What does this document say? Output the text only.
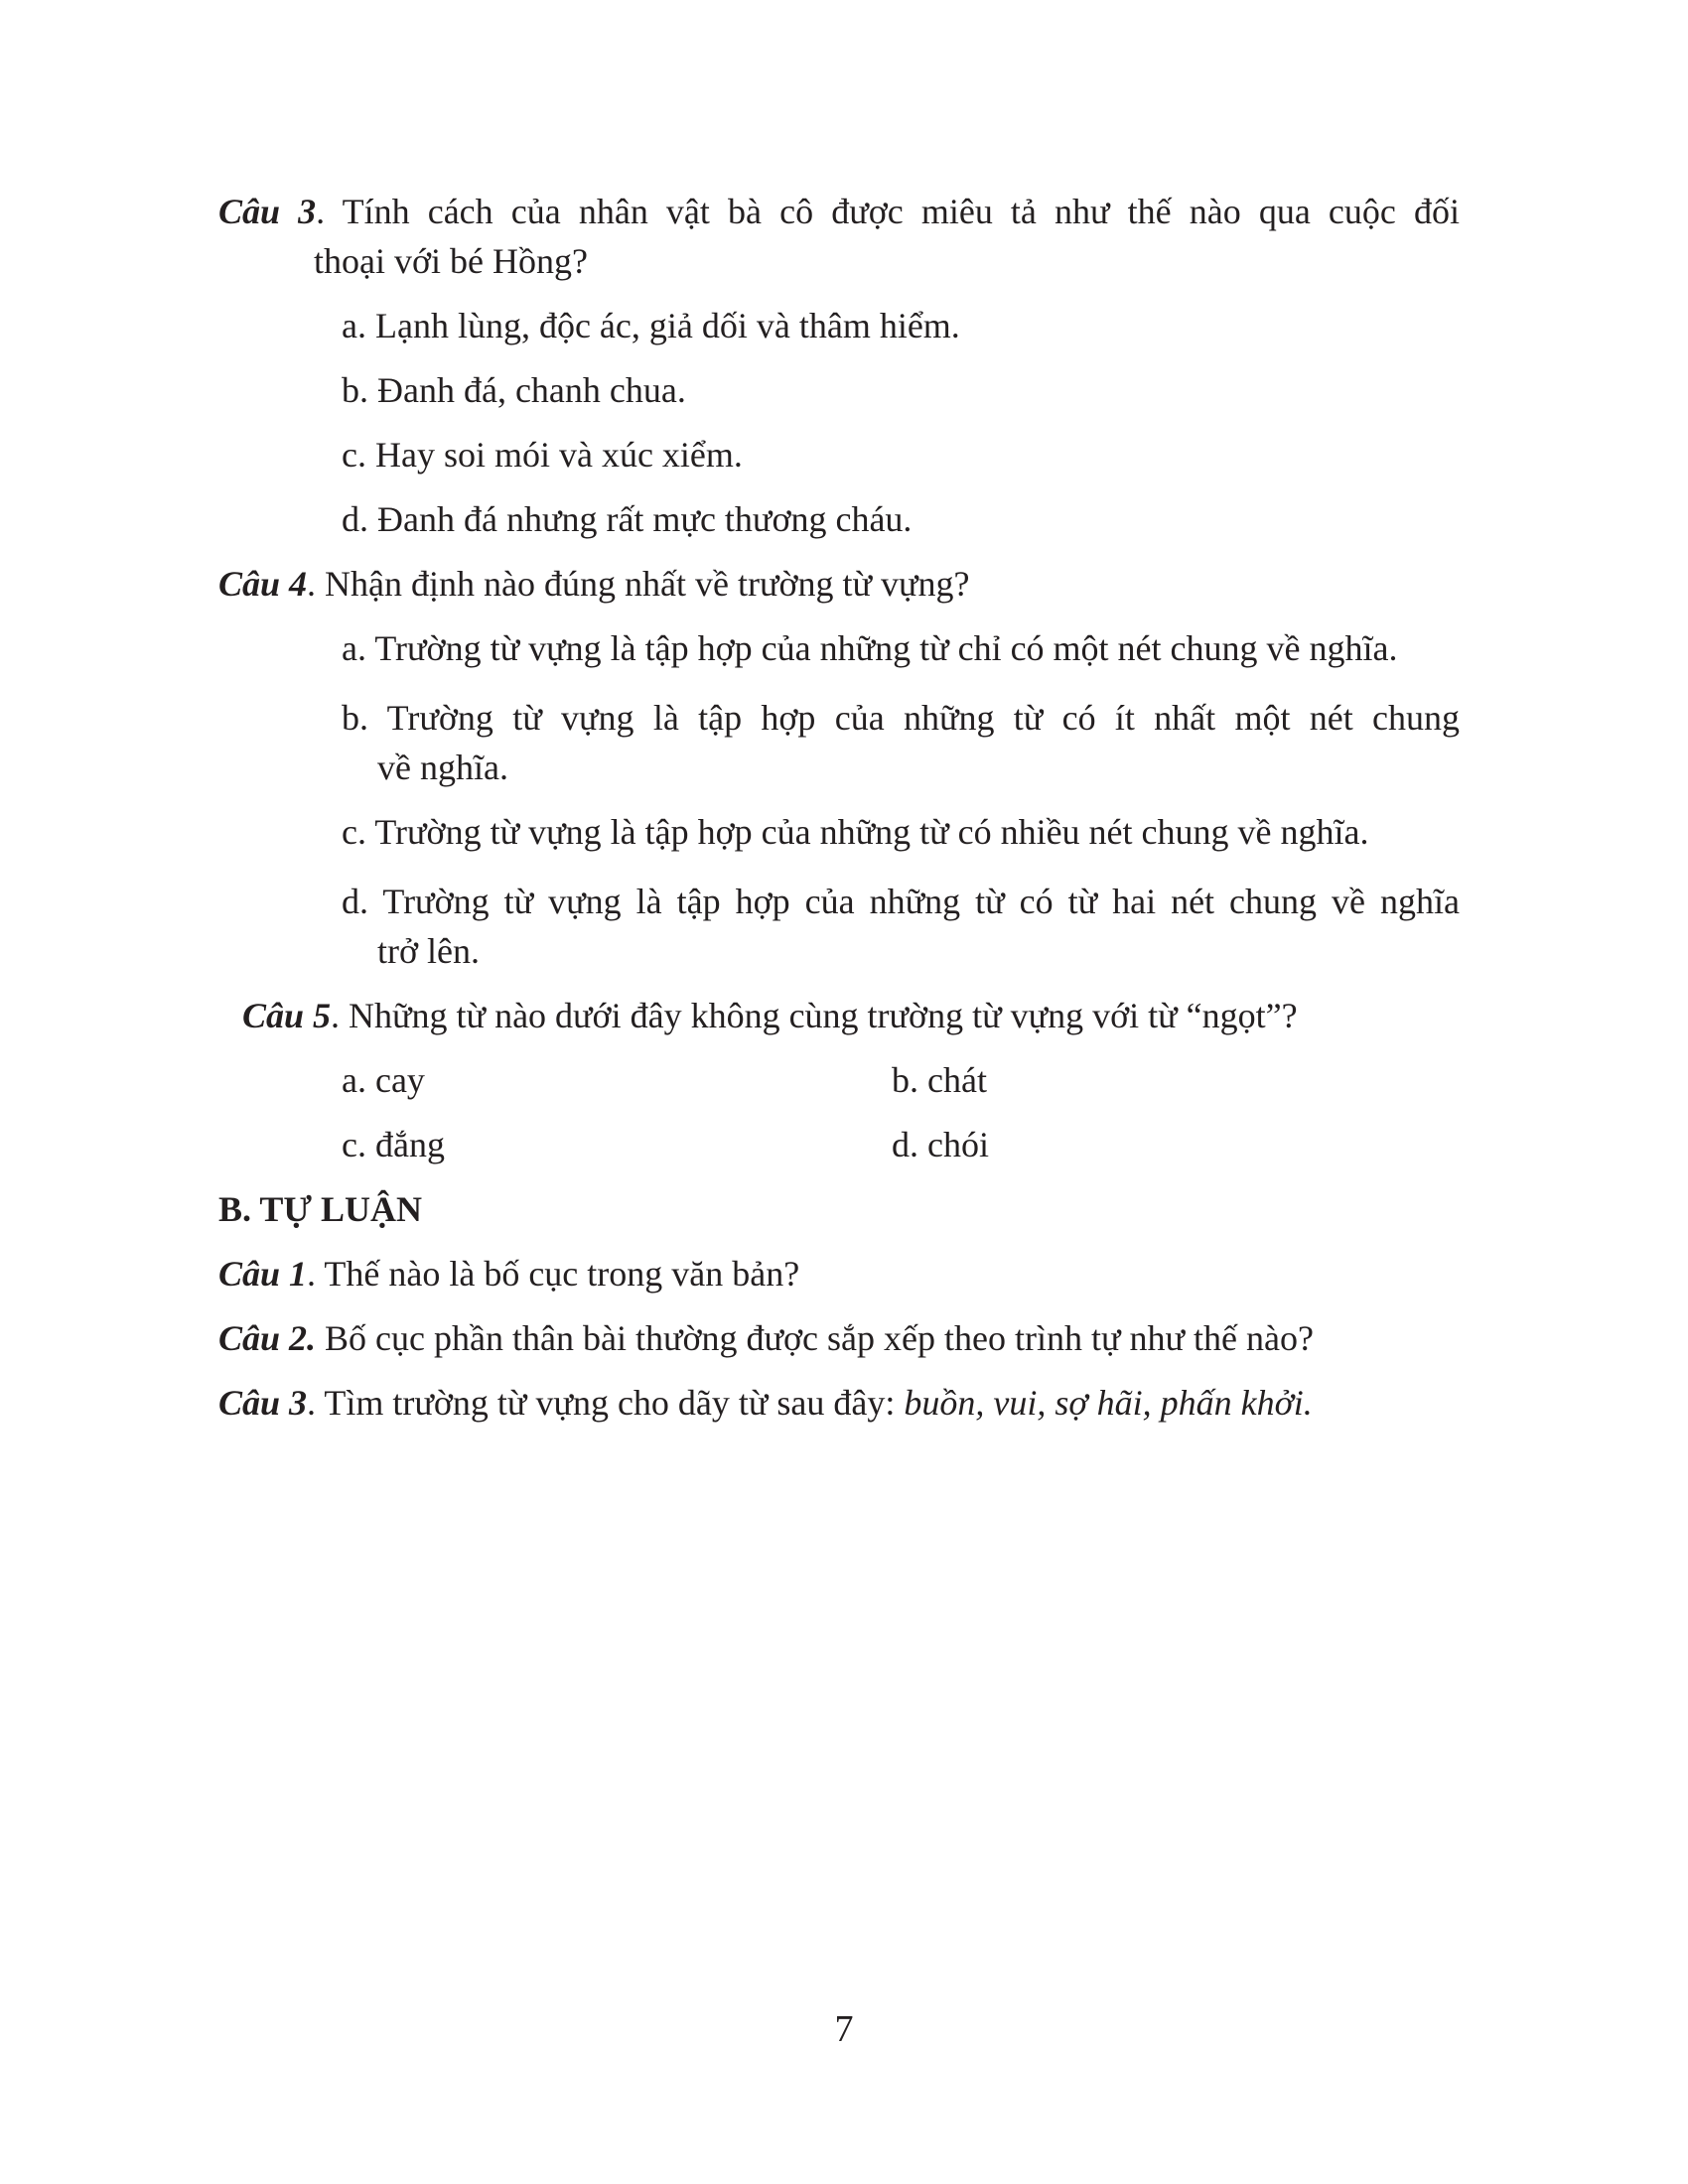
Câu 3. Tính cách của nhân vật bà cô được miêu tả như thế nào qua cuộc đối
thoại với bé Hồng?
a. Lạnh lùng, độc ác, giả dối và thâm hiểm.
b. Đanh đá, chanh chua.
c. Hay soi mói và xúc xiểm.
d. Đanh đá nhưng rất mực thương cháu.
Câu 4. Nhận định nào đúng nhất về trường từ vựng?
a. Trường từ vựng là tập hợp của những từ chỉ có một nét chung về nghĩa.
b. Trường từ vựng là tập hợp của những từ có ít nhất một nét chung
về nghĩa.
c. Trường từ vựng là tập hợp của những từ có nhiều nét chung về nghĩa.
d. Trường từ vựng là tập hợp của những từ có từ hai nét chung về nghĩa
trở lên.
Câu 5. Những từ nào dưới đây không cùng trường từ vựng với từ “ngọt”?
a. cay	b. chát
c. đắng	d. chói
B. TỰ LUẬN
Câu 1. Thế nào là bố cục trong văn bản?
Câu 2. Bố cục phần thân bài thường được sắp xếp theo trình tự như thế nào?
Câu 3. Tìm trường từ vựng cho dãy từ sau đây: buồn, vui, sợ hãi, phấn khởi.
7
